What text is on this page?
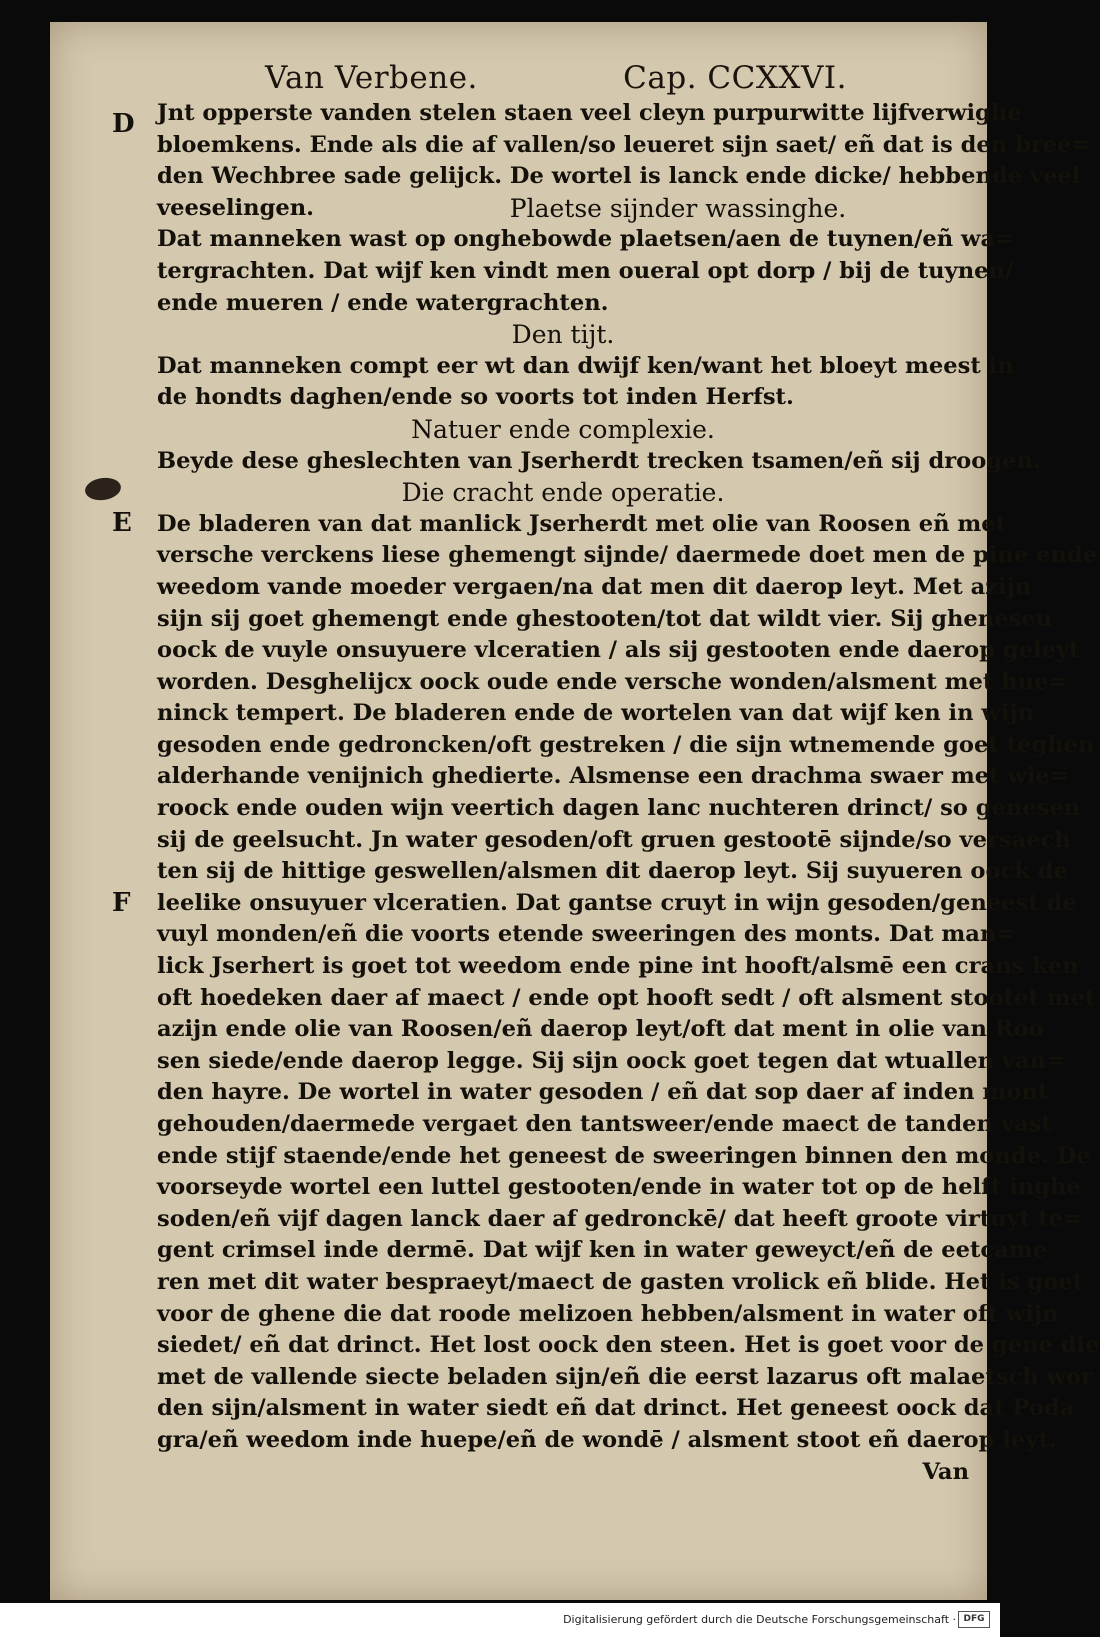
Van Verbene.	Cap. CCXXVI.
D
E
F
Jnt opperste vanden stelen staen veel cleyn purpurwitte lijfverwighe
bloemkens. Ende als die af vallen/so leueret sijn saet/ eñ dat is den bree=
den Wechbree sade gelijck. De wortel is lanck ende dicke/ hebbende veel
veeselingen.	Plaetse sijnder wassinghe.
Dat manneken wast op onghebowde plaetsen/aen de tuynen/eñ wa=
tergrachten. Dat wijf ken vindt men oueral opt dorp / bij de tuynen/
ende mueren / ende watergrachten.
Den tijt.
Dat manneken compt eer wt dan dwijf ken/want het bloeyt meest in
de hondts daghen/ende so voorts tot inden Herfst.
Natuer ende complexie.
Beyde dese gheslechten van Jserherdt trecken tsamen/eñ sij droogen.
Die cracht ende operatie.
De bladeren van dat manlick Jserherdt met olie van Roosen eñ met
versche verckens liese ghemengt sijnde/ daermede doet men de pine ende
weedom vande moeder vergaen/na dat men dit daerop leyt. Met azijn
sijn sij goet ghemengt ende ghestooten/tot dat wildt vier. Sij gheneseu
oock de vuyle onsuyuere vlceratien / als sij gestooten ende daerop geleyt
worden. Desghelijcx oock oude ende versche wonden/alsment met hue=
ninck tempert. De bladeren ende de wortelen van dat wijf ken in wijn
gesoden ende gedroncken/oft gestreken / die sijn wtnemende goet teghen
alderhande venijnich ghedierte. Alsmense een drachma swaer met wie=
roock ende ouden wijn veertich dagen lanc nuchteren drinct/ so genesen
sij de geelsucht. Jn water gesoden/oft gruen gestootē sijnde/so versaech
ten sij de hittige geswellen/alsmen dit daerop leyt. Sij suyueren oock de
leelike onsuyuer vlceratien. Dat gantse cruyt in wijn gesoden/geneest de
vuyl monden/eñ die voorts etende sweeringen des monts. Dat man=
lick Jserhert is goet tot weedom ende pine int hooft/alsmē een crans ken
oft hoedeken daer af maect / ende opt hooft sedt / oft alsment stootet met
azijn ende olie van Roosen/eñ daerop leyt/oft dat ment in olie van Roo
sen siede/ende daerop legge. Sij sijn oock goet tegen dat wtuallen van=
den hayre. De wortel in water gesoden / eñ dat sop daer af inden mont
gehouden/daermede vergaet den tantsweer/ende maect de tanden vast
ende stijf staende/ende het geneest de sweeringen binnen den monde. De
voorseyde wortel een luttel gestooten/ende in water tot op de helft inghe
soden/eñ vijf dagen lanck daer af gedronckē/ dat heeft groote virtuyt te=
gent crimsel inde dermē. Dat wijf ken in water geweyct/eñ de eetcame
ren met dit water bespraeyt/maect de gasten vrolick eñ blide. Het is goet
voor de ghene die dat roode melizoen hebben/alsment in water oft wijn
siedet/ eñ dat drinct. Het lost oock den steen. Het is goet voor de gene die
met de vallende siecte beladen sijn/eñ die eerst lazarus oft malaetsch wor
den sijn/alsment in water siedt eñ dat drinct. Het geneest oock dat Poda
gra/eñ weedom inde huepe/eñ de wondē / alsment stoot eñ daerop leyt.
Van
Digitalisierung gefördert durch die Deutsche Forschungsgemeinschaft · DFG
